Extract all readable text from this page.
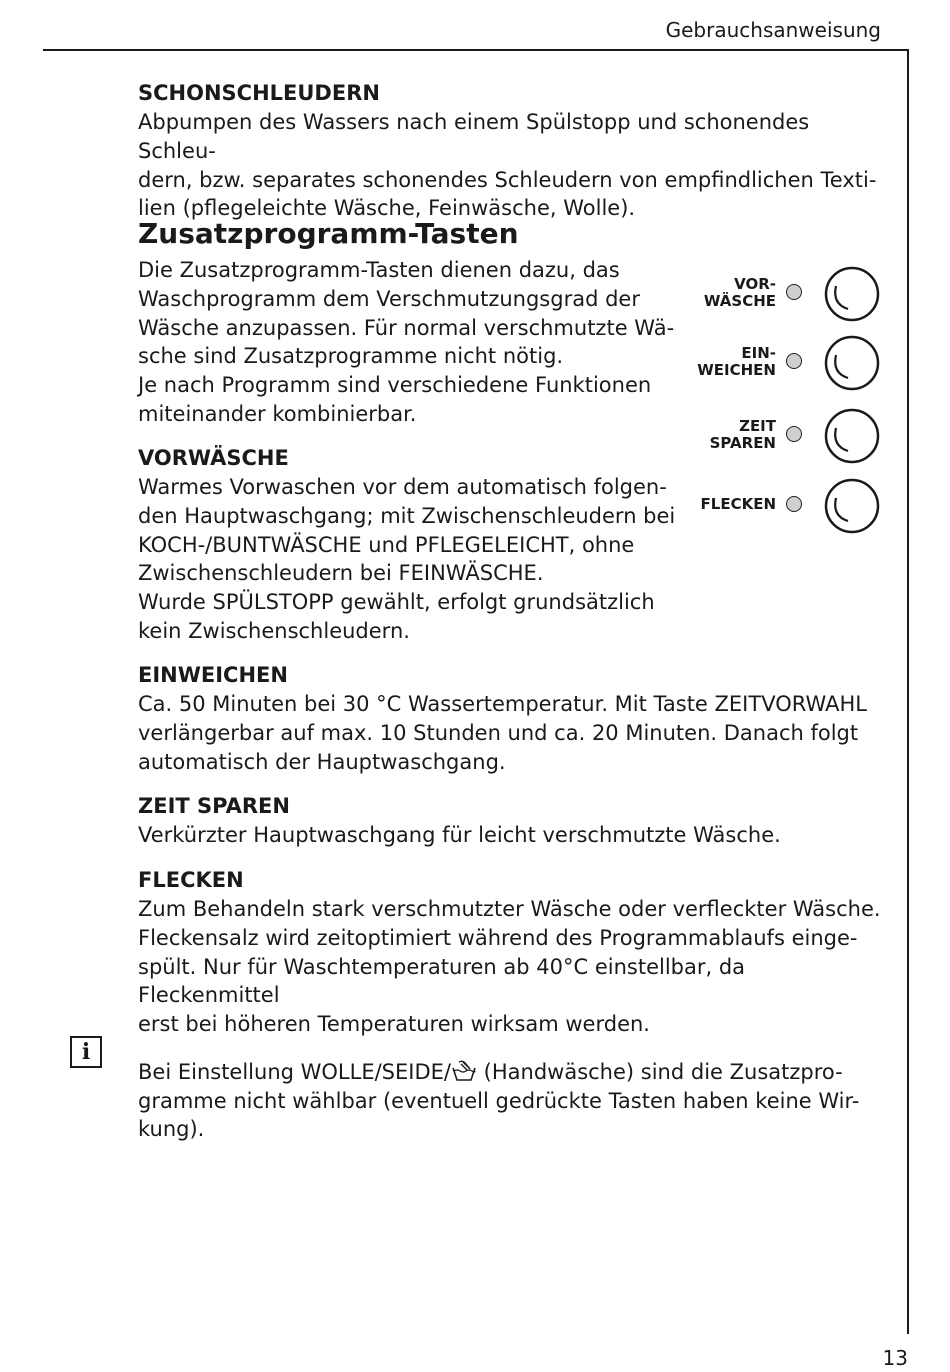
Gebrauchsanweisung
SCHONSCHLEUDERN

Abpumpen des Wassers nach einem Spülstopp und schonendes Schleu-
dern, bzw. separates schonendes Schleudern von empfindlichen Texti-
lien (pflegeleichte Wäsche, Feinwäsche, Wolle).

Zusatzprogramm-Tasten

Die Zusatzprogramm-Tasten dienen dazu, das
Waschprogramm dem Verschmutzungsgrad der
Wäsche anzupassen. Für normal verschmutzte Wä-
sche sind Zusatzprogramme nicht nötig.
Je nach Programm sind verschiedene Funktionen
miteinander kombinierbar.

VORWÄSCHE

Warmes Vorwaschen vor dem automatisch folgen-
den Hauptwaschgang; mit Zwischenschleudern bei
KOCH-/BUNTWÄSCHE und PFLEGELEICHT, ohne
Zwischenschleudern bei FEINWÄSCHE.
Wurde SPÜLSTOPP gewählt, erfolgt grundsätzlich
kein Zwischenschleudern.

EINWEICHEN

Ca. 50 Minuten bei 30 °C Wassertemperatur. Mit Taste ZEITVORWAHL
verlängerbar auf max. 10 Stunden und ca. 20 Minuten. Danach folgt
automatisch der Hauptwaschgang.

ZEIT SPAREN

Verkürzter Hauptwaschgang für leicht verschmutzte Wäsche.

FLECKEN

Zum Behandeln stark verschmutzter Wäsche oder verfleckter Wäsche.
Fleckensalz wird zeitoptimiert während des Programmablaufs einge-
spült. Nur für Waschtemperaturen ab 40°C einstellbar, da Fleckenmittel
erst bei höheren Temperaturen wirksam werden.

i

Bei Einstellung WOLLE/SEIDE/ (Handwäsche) sind die Zusatzpro-

gramme nicht wählbar (eventuell gedrückte Tasten haben keine Wir-
kung).

VOR-
WÄSCHE
EIN-
WEICHEN
ZEIT
SPAREN
FLECKEN
13
